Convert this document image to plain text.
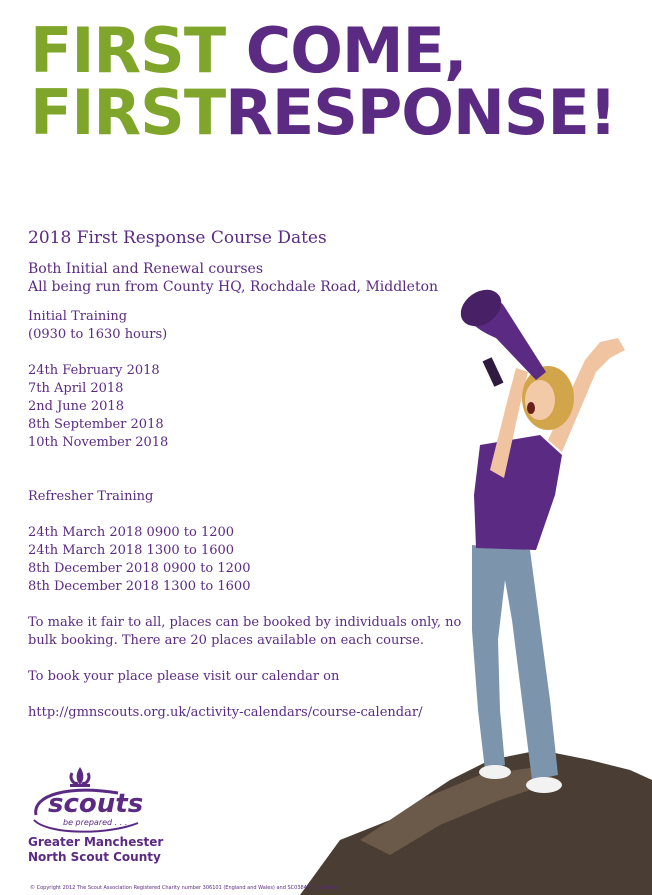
FIRST COME,
FIRSTRESPONSE!
2018 First Response Course Dates
Both Initial and Renewal courses
All being run from County HQ, Rochdale Road, Middleton
Initial Training
(0930 to 1630 hours)
24th February 2018
7th April 2018
2nd June 2018
8th September 2018
10th November 2018
Refresher Training
24th March 2018 0900 to 1200
24th March 2018 1300 to 1600
8th December 2018 0900 to 1200
8th December 2018 1300 to 1600
To make it fair to all, places can be booked by individuals only, no bulk booking. There are 20 places available on each course.
To book your place please visit our calendar on
http://gmnscouts.org.uk/activity-calendars/course-calendar/
scouts
be prepared . . .
Greater Manchester
North Scout County
© Copyright 2012 The Scout Association Registered Charity number 306101 (England and Wales) and SC038437 (Scotland)
